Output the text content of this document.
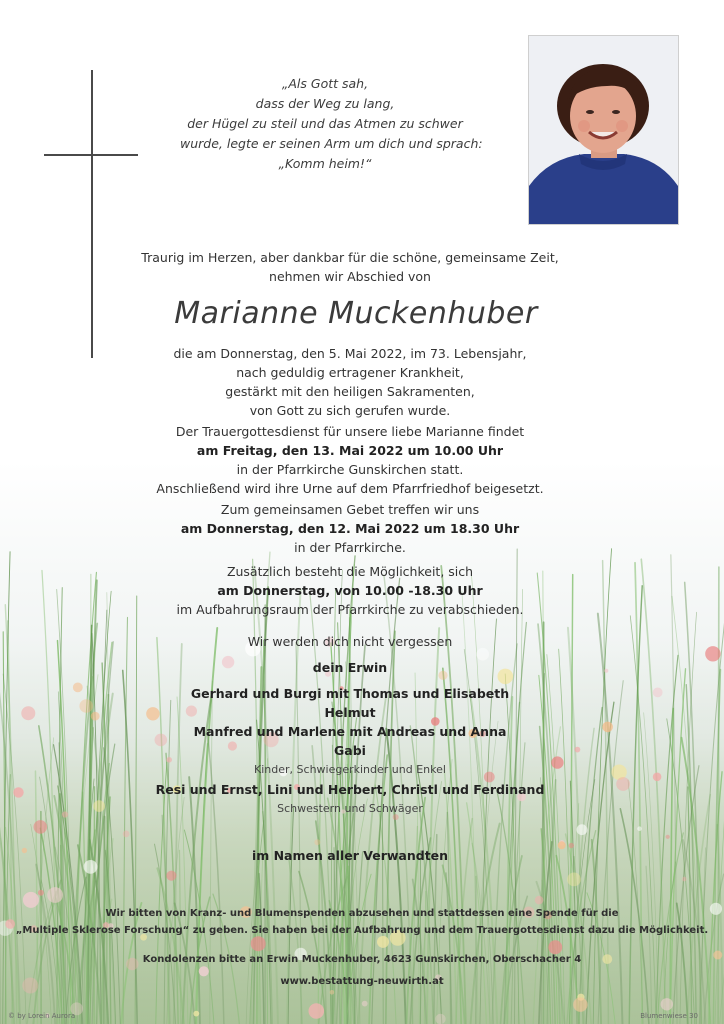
„Als Gott sah,
dass der Weg zu lang,
der Hügel zu steil und das Atmen zu schwer
wurde, legte er seinen Arm um dich und sprach:
„Komm heim!“
Traurig im Herzen, aber dankbar für die schöne, gemeinsame Zeit,
nehmen wir Abschied von
Marianne Muckenhuber
die am Donnerstag, den 5. Mai 2022, im 73. Lebensjahr,
nach geduldig ertragener Krankheit,
gestärkt mit den heiligen Sakramenten,
von Gott zu sich gerufen wurde.
Der Trauergottesdienst für unsere liebe Marianne findet
am Freitag, den 13. Mai 2022 um 10.00 Uhr
in der Pfarrkirche Gunskirchen statt.
Anschließend wird ihre Urne auf dem Pfarrfriedhof beigesetzt.
Zum gemeinsamen Gebet treffen wir uns
am Donnerstag, den 12. Mai 2022 um 18.30 Uhr
in der Pfarrkirche.
Zusätzlich besteht die Möglichkeit, sich
am Donnerstag, von 10.00 -18.30 Uhr
im Aufbahrungsraum der Pfarrkirche zu verabschieden.
Wir werden dich nicht vergessen
dein Erwin
Gerhard und Burgi mit Thomas und Elisabeth
Helmut
Manfred und Marlene mit Andreas und Anna
Gabi
Kinder, Schwiegerkinder und Enkel
Resi und Ernst, Lini und Herbert, Christl und Ferdinand
Schwestern und Schwäger
im Namen aller Verwandten
Wir bitten von Kranz- und Blumenspenden abzusehen und stattdessen eine Spende für die
„Multiple Sklerose Forschung“ zu geben. Sie haben bei der Aufbahrung und dem Trauergottesdienst dazu die Möglichkeit.
Kondolenzen bitte an Erwin Muckenhuber, 4623 Gunskirchen, Oberschacher 4
www.bestattung-neuwirth.at
© by Lorein Aurora	Blumenwiese 30
